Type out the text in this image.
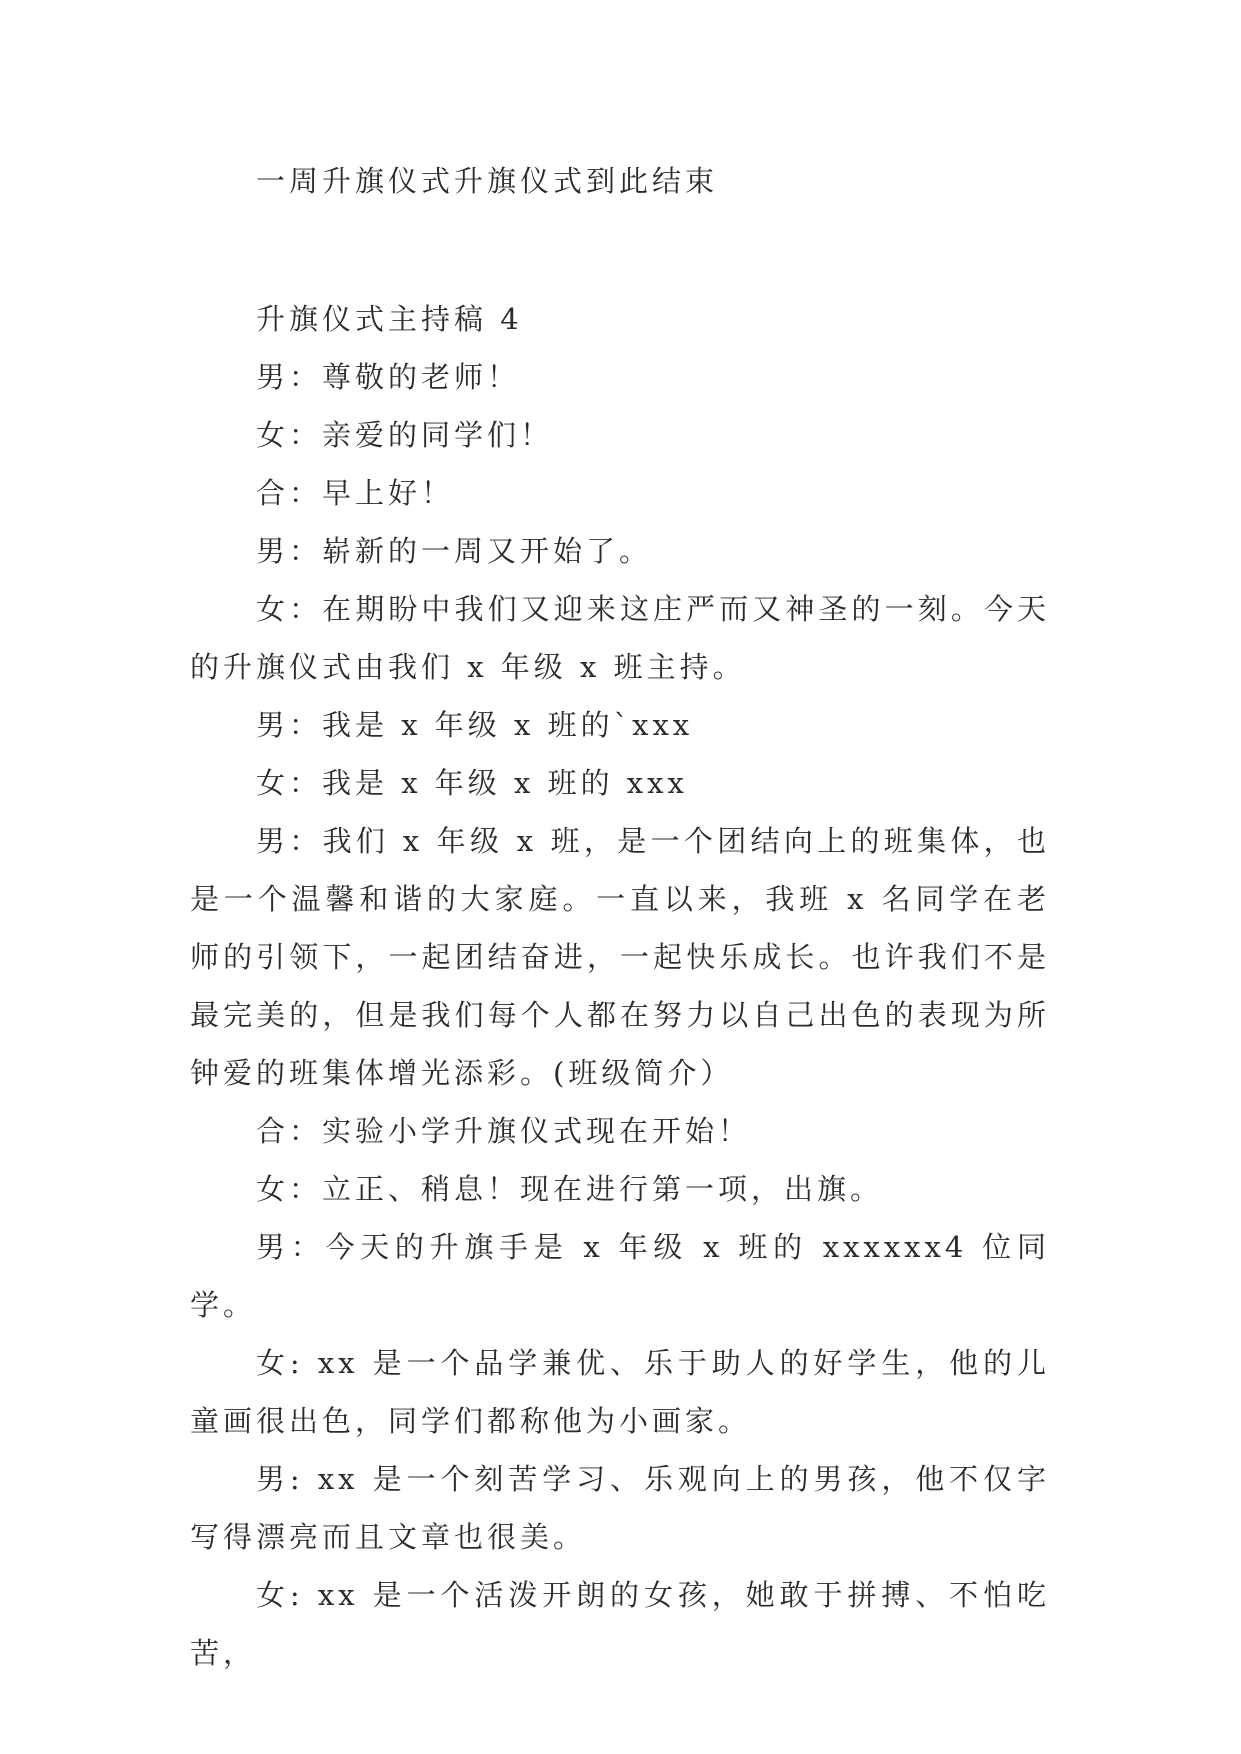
一周升旗仪式升旗仪式到此结束

升旗仪式主持稿 4

男：尊敬的老师！

女：亲爱的同学们！

合：早上好！

男：崭新的一周又开始了。

女：在期盼中我们又迎来这庄严而又神圣的一刻。今天的升旗仪式由我们 x 年级 x 班主持。

男：我是 x 年级 x 班的`xxx

女：我是 x 年级 x 班的 xxx

男：我们 x 年级 x 班，是一个团结向上的班集体，也是一个温馨和谐的大家庭。一直以来，我班 x 名同学在老师的引领下，一起团结奋进，一起快乐成长。也许我们不是最完美的，但是我们每个人都在努力以自己出色的表现为所钟爱的班集体增光添彩。(班级简介）

合：实验小学升旗仪式现在开始！

女：立正、稍息！现在进行第一项，出旗。

男：今天的升旗手是 x 年级 x 班的 xxxxxx4 位同学。

女: xx 是一个品学兼优、乐于助人的好学生，他的儿童画很出色，同学们都称他为小画家。

男: xx 是一个刻苦学习、乐观向上的男孩，他不仅字写得漂亮而且文章也很美。

女: xx 是一个活泼开朗的女孩，她敢于拼搏、不怕吃苦，
